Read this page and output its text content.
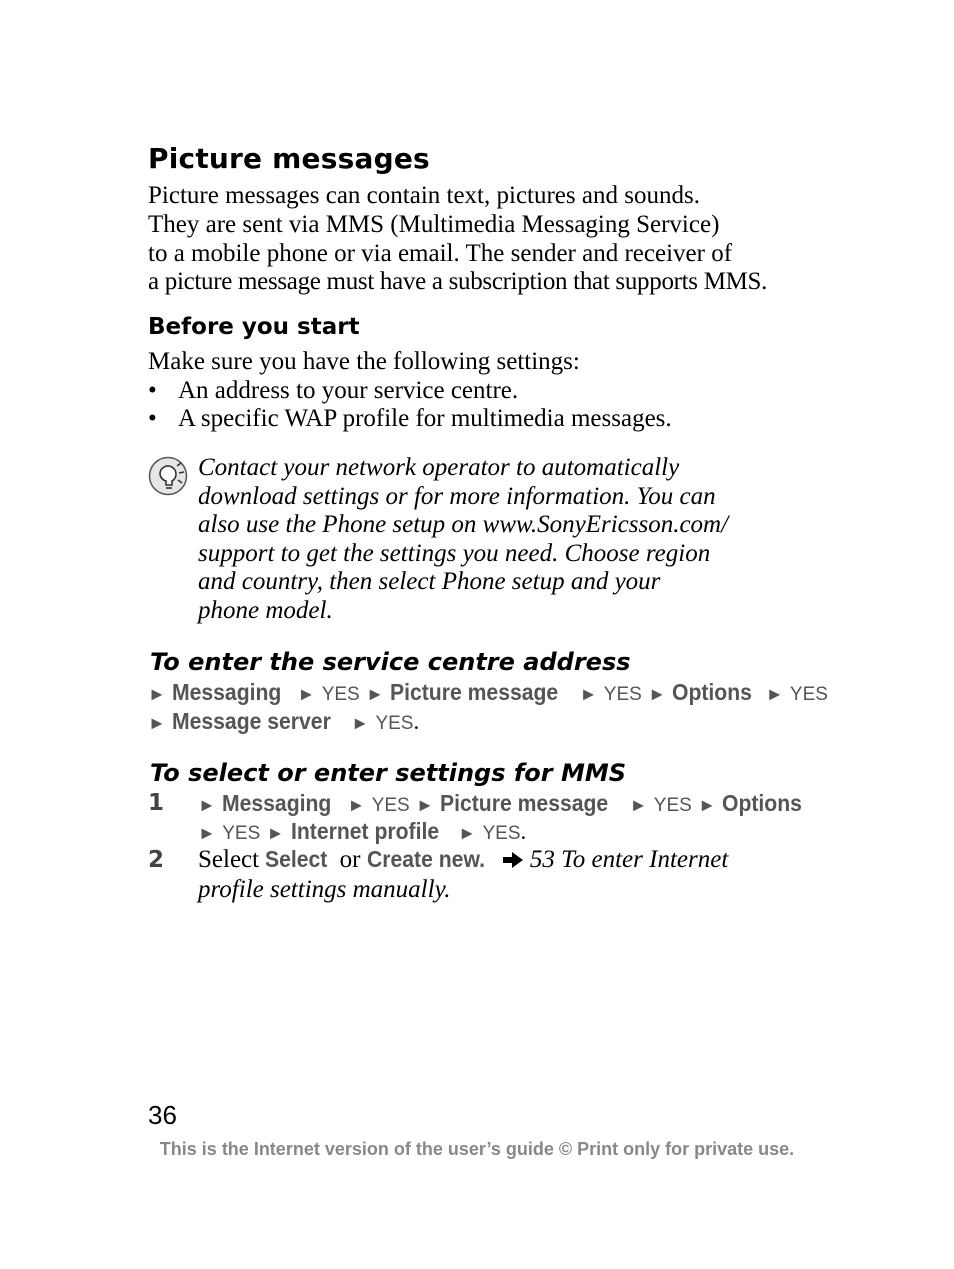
Picture messages
Picture messages can contain text, pictures and sounds.
They are sent via MMS (Multimedia Messaging Service)
to a mobile phone or via email. The sender and receiver of
a picture message must have a subscription that supports MMS.
Before you start
Make sure you have the following settings:
• An address to your service centre.
• A specific WAP profile for multimedia messages.
Contact your network operator to automatically
download settings or for more information. You can
also use the Phone setup on www.SonyEricsson.com/
support to get the settings you need. Choose region
and country, then select Phone setup and your
phone model.
To enter the service centre address
► Messaging ► YES ► Picture message ► YES ► Options ► YES
► Message server ► YES.
To select or enter settings for MMS
1 ► Messaging ► YES ► Picture message ► YES ► Options
► YES ► Internet profile ► YES.
2 Select Select or Create new. 53 To enter Internet
profile settings manually.
36
This is the Internet version of the user’s guide © Print only for private use.
